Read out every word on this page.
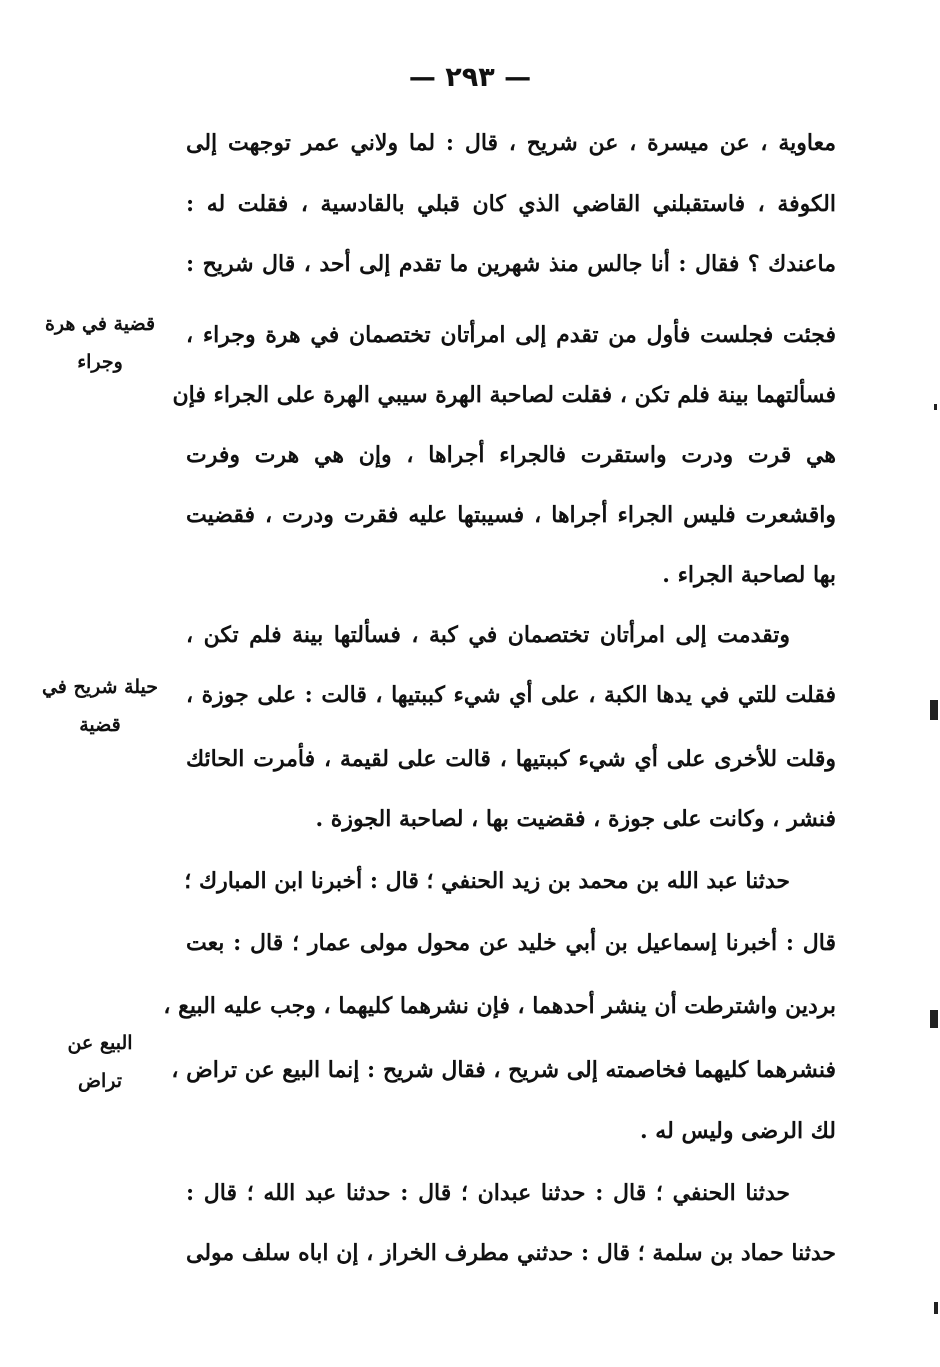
— ٢٩٣ —
معاوية ، عن ميسرة ، عن شريح ، قال : لما ولاني عمر توجهت إلى
الكوفة ، فاستقبلني القاضي الذي كان قبلي بالقادسية ، فقلت له :
ماعندك ؟ فقال : أنا جالس منذ شهرين ما تقدم إلى أحد ، قال شريح :
فجئت فجلست فأول من تقدم إلى امرأتان تختصمان في هرة وجراء ،
فسألتهما بينة فلم تكن ، فقلت لصاحبة الهرة سيبي الهرة على الجراء فإن
هي قرت ودرت واستقرت فالجراء أجراها ، وإن هي هرت وفرت
واقشعرت فليس الجراء أجراها ، فسيبتها عليه فقرت ودرت ، فقضيت
بها لصاحبة الجراء .
وتقدمت إلى امرأتان تختصمان في كبة ، فسألتها بينة فلم تكن ،
فقلت للتي في يدها الكبة ، على أي شيء كببتيها ، قالت : على جوزة ،
وقلت للأخرى على أي شيء كببتيها ، قالت على لقيمة ، فأمرت الحائك
فنشر ، وكانت على جوزة ، فقضيت بها ، لصاحبة الجوزة .
حدثنا عبد الله بن محمد بن زيد الحنفي ؛ قال : أخبرنا ابن المبارك ؛
قال : أخبرنا إسماعيل بن أبي خليد عن محول مولى عمار ؛ قال : بعت
بردين واشترطت أن ينشر أحدهما ، فإن نشرهما كليهما ، وجب عليه البيع ،
فنشرهما كليهما فخاصمته إلى شريح ، فقال شريح : إنما البيع عن تراض ،
لك الرضى وليس له .
حدثنا الحنفي ؛ قال : حدثنا عبدان ؛ قال : حدثنا عبد الله ؛ قال :
حدثنا حماد بن سلمة ؛ قال : حدثني مطرف الخراز ، إن اباه سلف مولى
قضية في هرة
وجراء
حيلة شريح في
قضية
البيع عن
تراض
